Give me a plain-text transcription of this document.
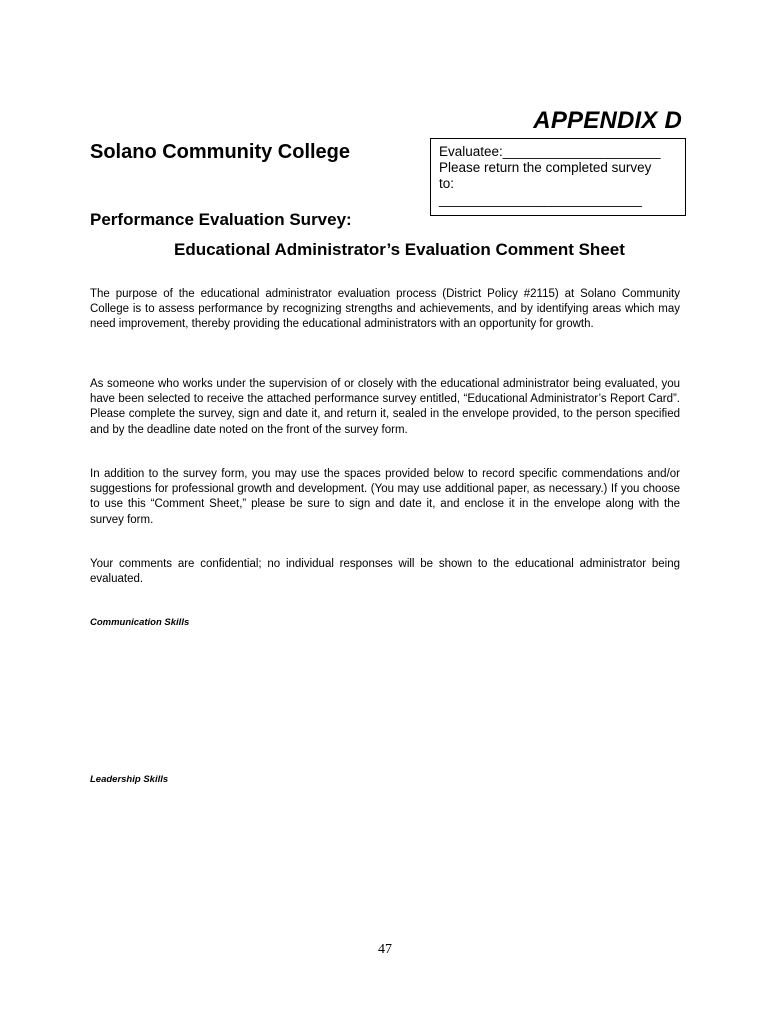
APPENDIX D
Solano Community College	Evaluatee:_____________________
Please return the completed survey
to:
___________________________
Performance Evaluation Survey:
Educational Administrator’s Evaluation Comment Sheet
The purpose of the educational administrator evaluation process (District Policy #2115) at Solano Community College is to assess performance by recognizing strengths and achievements, and by identifying areas which may need improvement, thereby providing the educational administrators with an opportunity for growth.
As someone who works under the supervision of or closely with the educational administrator being evaluated, you have been selected to receive the attached performance survey entitled, “Educational Administrator’s Report Card”. Please complete the survey, sign and date it, and return it, sealed in the envelope provided, to the person specified and by the deadline date noted on the front of the survey form.
In addition to the survey form, you may use the spaces provided below to record specific commendations and/or suggestions for professional growth and development. (You may use additional paper, as necessary.) If you choose to use this “Comment Sheet,” please be sure to sign and date it, and enclose it in the envelope along with the survey form.
Your comments are confidential; no individual responses will be shown to the educational administrator being evaluated.
Communication Skills
Leadership Skills
47
